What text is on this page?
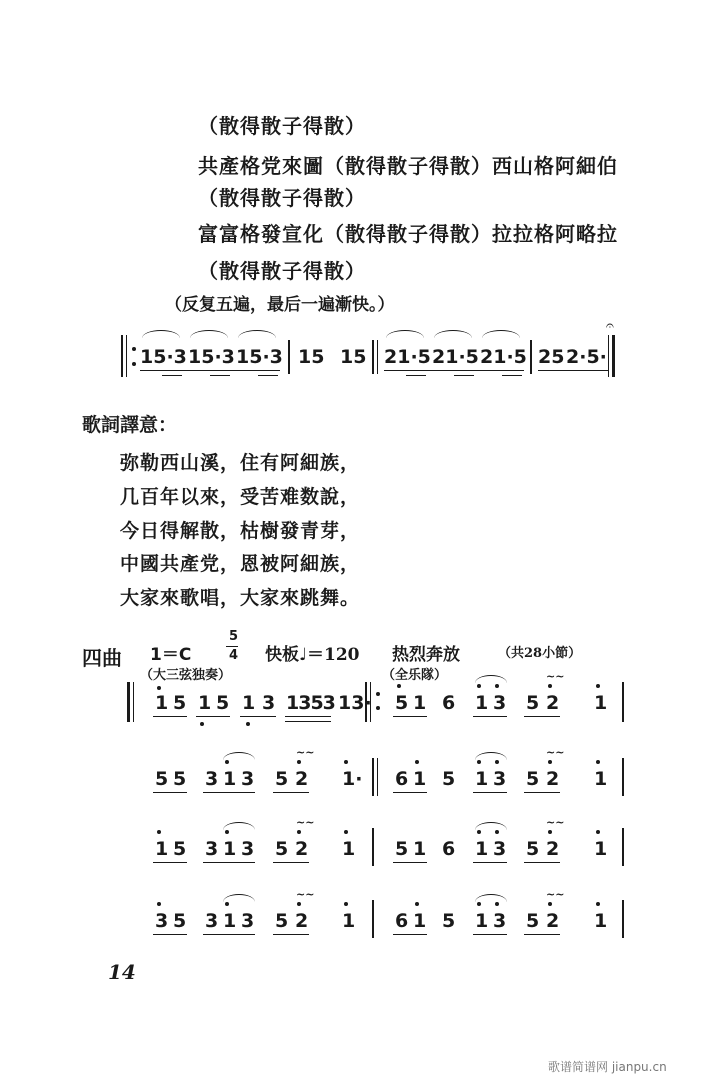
（散得散子得散）
共產格党來圖（散得散子得散）西山格阿細伯
（散得散子得散）
富富格發宣化（散得散子得散）拉拉格阿略拉
（散得散子得散）
（反复五遍，最后一遍漸快。）
15·3 15·3 15·3 15 15 21·5 21·5 21·5 25 2·5·
𝄐
歌詞譯意：
弥勒西山溪，住有阿細族，
几百年以來，受苦难数說，
今日得解散，枯樹發青芽，
中國共產党，恩被阿細族，
大家來歌唱，大家來跳舞。
四曲 1＝C
5
4 快板♩＝120 热烈奔放	（共28小節）
（大三弦独奏）	（全乐隊）
1 5 1 5 1 3 1353 13· 5 1 6 1 3 5 2 1
~~
5 5 3 1 3 5 2 1·
~~
6 1 5 1 3 5 2 1
~~
1 5 3 1 3 5 2 1
~~
5 1 6 1 3 5 2 1
~~
3 5 3 1 3 5 2 1
~~
6 1 5 1 3 5 2 1
~~
14
歌谱简谱网 jianpu.cn
